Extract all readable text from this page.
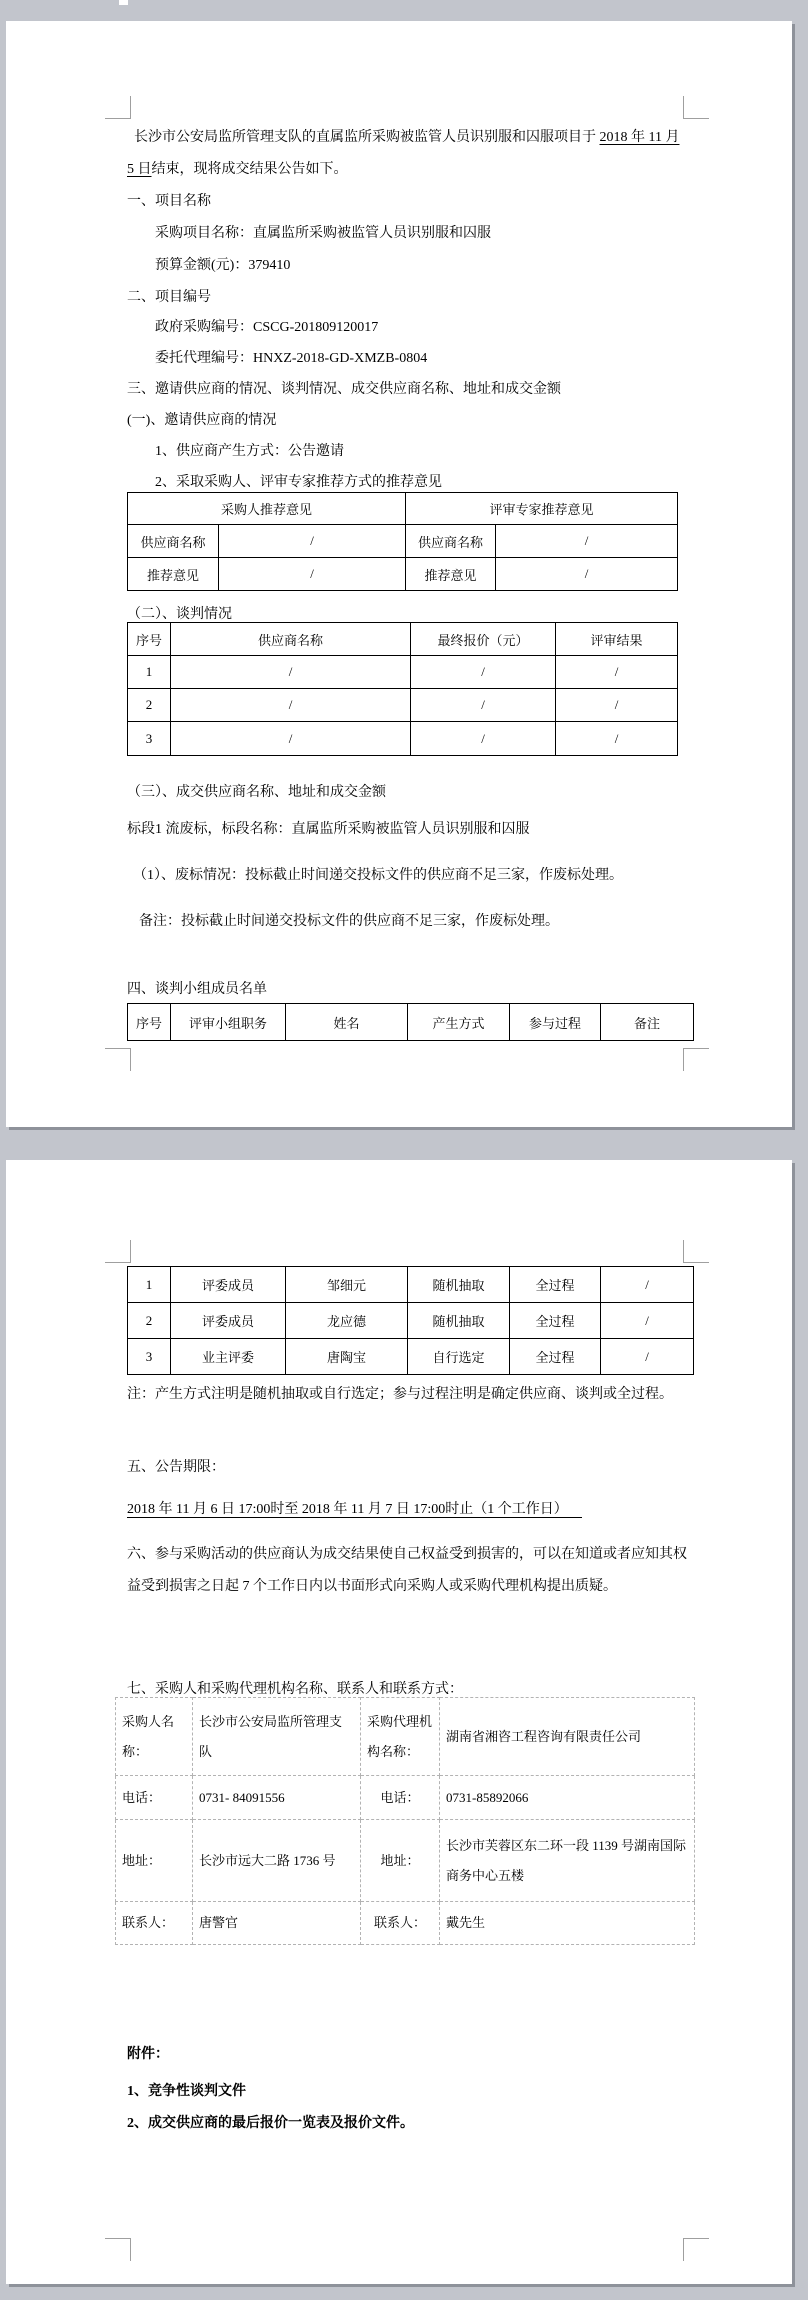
长沙市公安局监所管理支队的直属监所采购被监管人员识别服和囚服项目于 2018 年 11 月
5 日结束，现将成交结果公告如下。
一、项目名称
采购项目名称：直属监所采购被监管人员识别服和囚服
预算金额(元)：379410
二、项目编号
政府采购编号：CSCG-201809120017
委托代理编号：HNXZ-2018-GD-XMZB-0804
三、邀请供应商的情况、谈判情况、成交供应商名称、地址和成交金额
(一)、邀请供应商的情况
1、供应商产生方式：公告邀请
2、采取采购人、评审专家推荐方式的推荐意见
采购人推荐意见		评审专家推荐意见	
供应商名称	/	供应商名称	/
推荐意见	/	推荐意见	/
（二）、谈判情况
序号	供应商名称	最终报价（元）	评审结果
1	/	/	/
2	/	/	/
3	/	/	/
（三）、成交供应商名称、地址和成交金额
标段1 流废标，标段名称：直属监所采购被监管人员识别服和囚服
（1）、废标情况：投标截止时间递交投标文件的供应商不足三家，作废标处理。
备注：投标截止时间递交投标文件的供应商不足三家，作废标处理。
四、谈判小组成员名单
序号	评审小组职务	姓名	产生方式	参与过程	备注
1	评委成员	邹细元	随机抽取	全过程	/
2	评委成员	龙应德	随机抽取	全过程	/
3	业主评委	唐陶宝	自行选定	全过程	/
注：产生方式注明是随机抽取或自行选定；参与过程注明是确定供应商、谈判或全过程。
五、公告期限：
2018 年 11 月 6 日 17:00时至 2018 年 11 月 7 日 17:00时止（1 个工作日）
六、参与采购活动的供应商认为成交结果使自己权益受到损害的，可以在知道或者应知其权
益受到损害之日起 7 个工作日内以书面形式向采购人或采购代理机构提出质疑。
七、采购人和采购代理机构名称、联系人和联系方式：
采购人名称：	长沙市公安局监所管理支队	采购代理机构名称：	湖南省湘咨工程咨询有限责任公司
电话：	0731- 84091556	电话：	0731-85892066
地址：	长沙市远大二路 1736 号	地址：	长沙市芙蓉区东二环一段 1139 号湖南国际商务中心五楼
联系人：	唐警官	联系人：	戴先生
附件：
1、竞争性谈判文件
2、成交供应商的最后报价一览表及报价文件。
